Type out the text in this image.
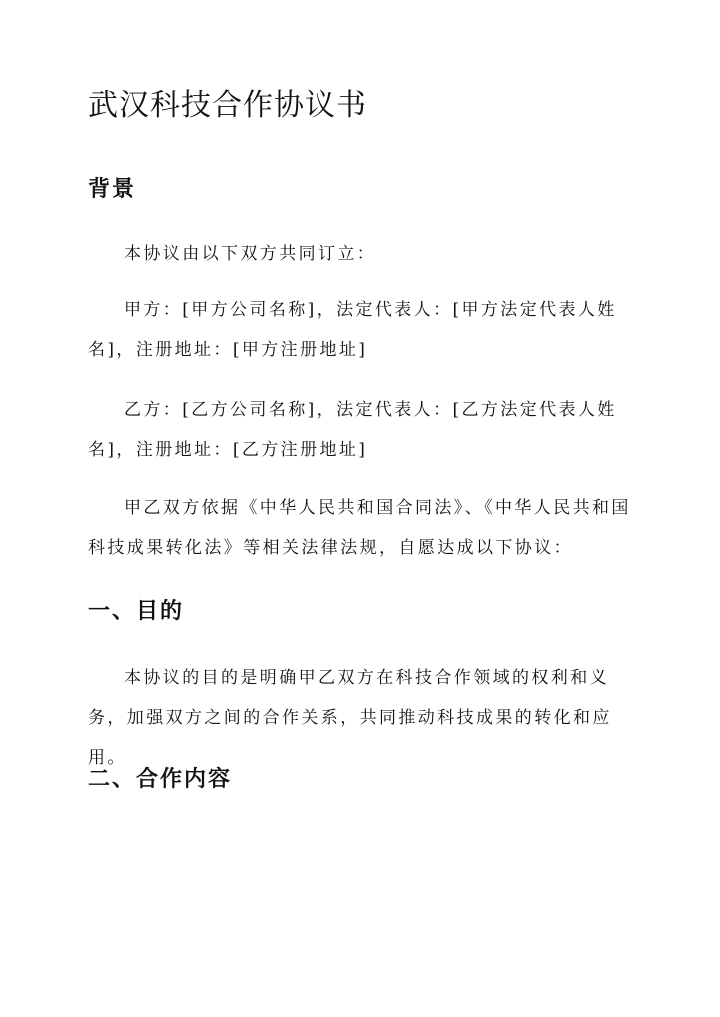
武汉科技合作协议书
背景

本协议由以下双方共同订立：

甲方：[甲方公司名称]，法定代表人：[甲方法定代表人姓名]，注册地址：[甲方注册地址]

乙方：[乙方公司名称]，法定代表人：[乙方法定代表人姓名]，注册地址：[乙方注册地址]

甲乙双方依据《中华人民共和国合同法》、《中华人民共和国科技成果转化法》等相关法律法规，自愿达成以下协议：

一、目的

本协议的目的是明确甲乙双方在科技合作领域的权利和义务，加强双方之间的合作关系，共同推动科技成果的转化和应用。

二、合作内容
